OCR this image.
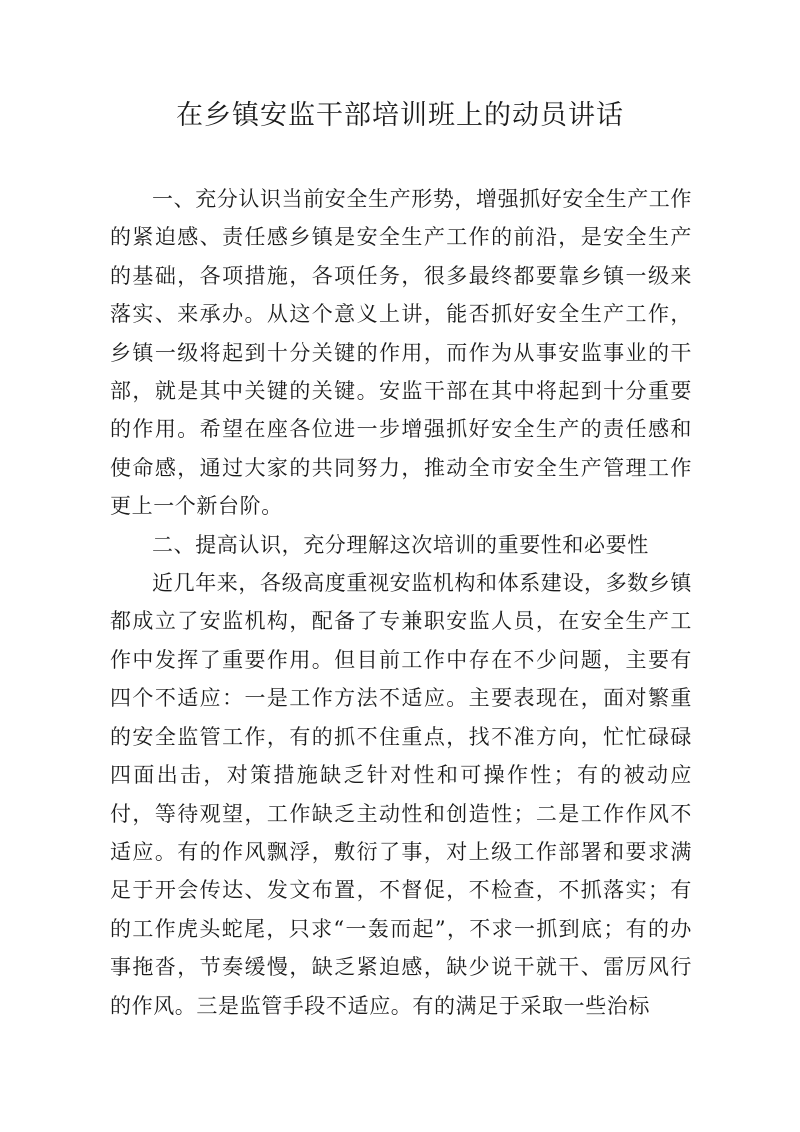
在乡镇安监干部培训班上的动员讲话

一、充分认识当前安全生产形势，增强抓好安全生产工作的紧迫感、责任感乡镇是安全生产工作的前沿，是安全生产的基础，各项措施，各项任务，很多最终都要靠乡镇一级来落实、来承办。从这个意义上讲，能否抓好安全生产工作，乡镇一级将起到十分关键的作用，而作为从事安监事业的干部，就是其中关键的关键。安监干部在其中将起到十分重要的作用。希望在座各位进一步增强抓好安全生产的责任感和使命感，通过大家的共同努力，推动全市安全生产管理工作更上一个新台阶。

二、提高认识，充分理解这次培训的重要性和必要性

近几年来，各级高度重视安监机构和体系建设，多数乡镇都成立了安监机构，配备了专兼职安监人员，在安全生产工作中发挥了重要作用。但目前工作中存在不少问题，主要有四个不适应：一是工作方法不适应。主要表现在，面对繁重的安全监管工作，有的抓不住重点，找不准方向，忙忙碌碌四面出击，对策措施缺乏针对性和可操作性；有的被动应付，等待观望，工作缺乏主动性和创造性；二是工作作风不适应。有的作风飘浮，敷衍了事，对上级工作部署和要求满足于开会传达、发文布置，不督促，不检查，不抓落实；有的工作虎头蛇尾，只求“一轰而起”，不求一抓到底；有的办事拖沓，节奏缓慢，缺乏紧迫感，缺少说干就干、雷厉风行的作风。三是监管手段不适应。有的满足于采取一些治标
